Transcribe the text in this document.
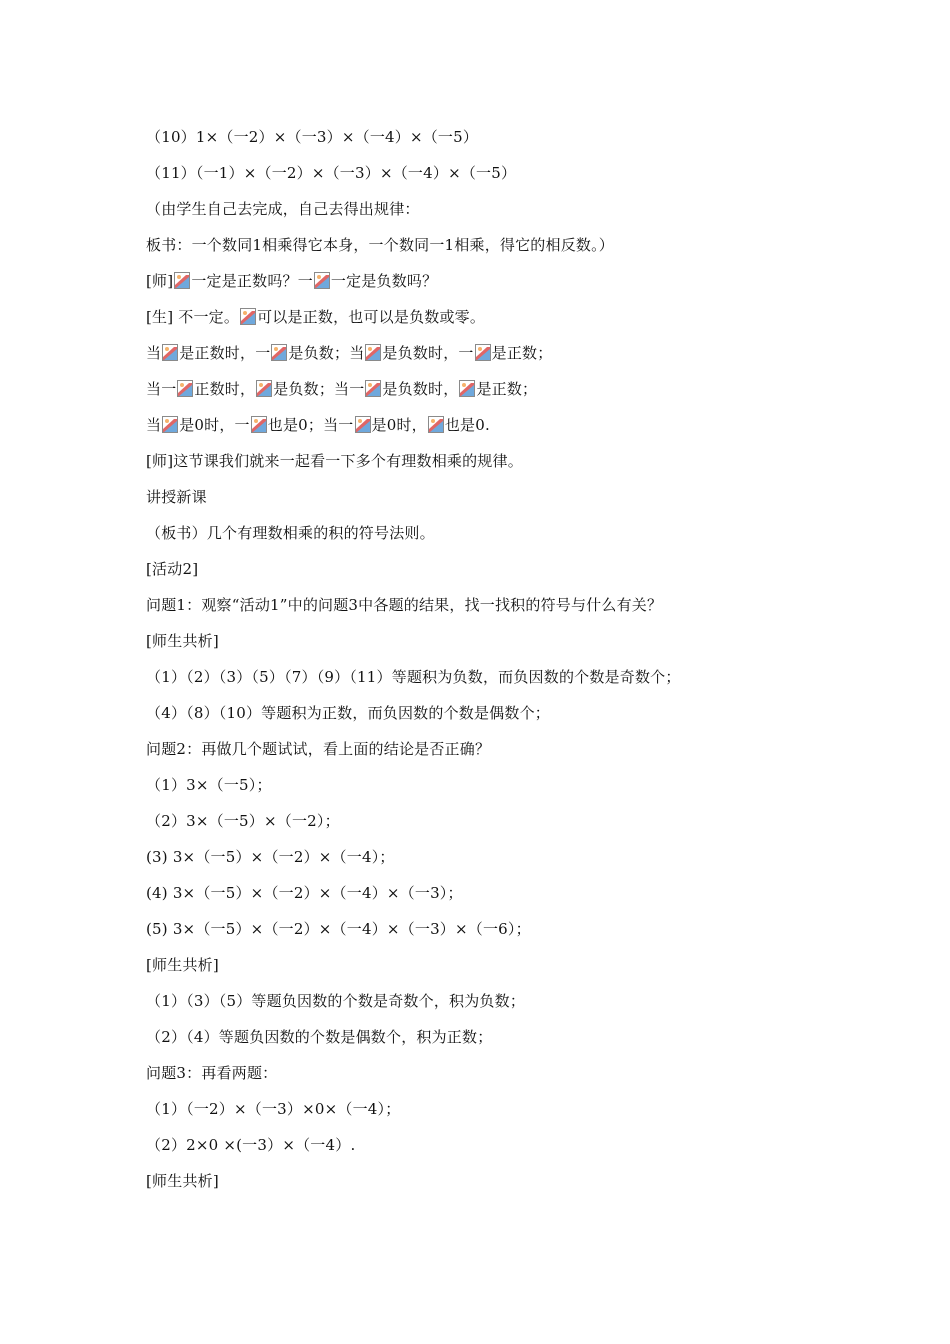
（10）1×（一2）×（一3）×（一4）×（一5）
（11）（一1）×（一2）×（一3）×（一4）×（一5）
（由学生自己去完成，自己去得出规律：
板书：一个数同1相乘得它本身，一个数同一1相乘，得它的相反数。）
[师] 一定是正数吗？一 一定是负数吗？
[生] 不一定。 可以是正数，也可以是负数或零。
当 是正数时，一 是负数；当 是负数时，一 是正数；
当一 正数时， 是负数；当一 是负数时， 是正数；
当 是0时，一 也是0；当一 是0时， 也是0.
[师]这节课我们就来一起看一下多个有理数相乘的规律。
讲授新课
（板书）几个有理数相乘的积的符号法则。
[活动2]
问题1：观察“活动1”中的问题3中各题的结果，找一找积的符号与什么有关？
[师生共析]
（1）（2）（3）（5）（7）（9）（11）等题积为负数，而负因数的个数是奇数个；
（4）（8）（10）等题积为正数，而负因数的个数是偶数个；
问题2：再做几个题试试，看上面的结论是否正确？
（1）3×（一5）；
（2）3×（一5）×（一2）；
(3) 3×（一5）×（一2）×（一4）；
(4) 3×（一5）×（一2）×（一4）×（一3）；
(5) 3×（一5）×（一2）×（一4）×（一3）×（一6）；
[师生共析]
（1）（3）（5）等题负因数的个数是奇数个，积为负数；
（2）（4）等题负因数的个数是偶数个，积为正数；
问题3：再看两题：
（1）（一2）×（一3）×0×（一4）；
（2）2×0 ×(一3）×（一4）.
[师生共析]
